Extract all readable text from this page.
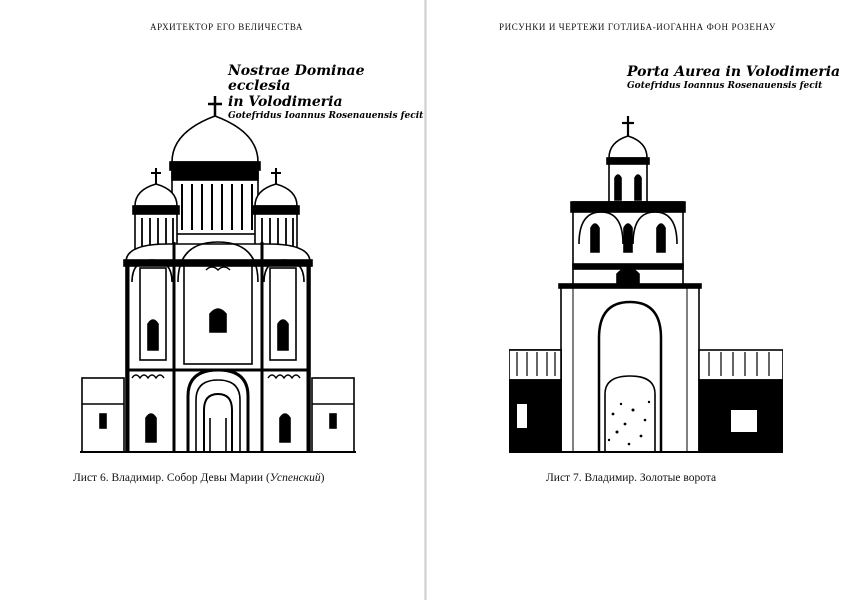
АРХИТЕКТОР ЕГО ВЕЛИЧЕСТВА
Nostrae Dominae ecclesia
in Volodimeria
Gotefridus Ioannus Rosenauensis fecit
Лист 6. Владимир. Собор Девы Марии (Успенский)
РИСУНКИ И ЧЕРТЕЖИ ГОТЛИБА-ИОГАННА ФОН РОЗЕНАУ
Porta Aurea in Volodimeria
Gotefridus Ioannus Rosenauensis fecit
Лист 7. Владимир. Золотые ворота
